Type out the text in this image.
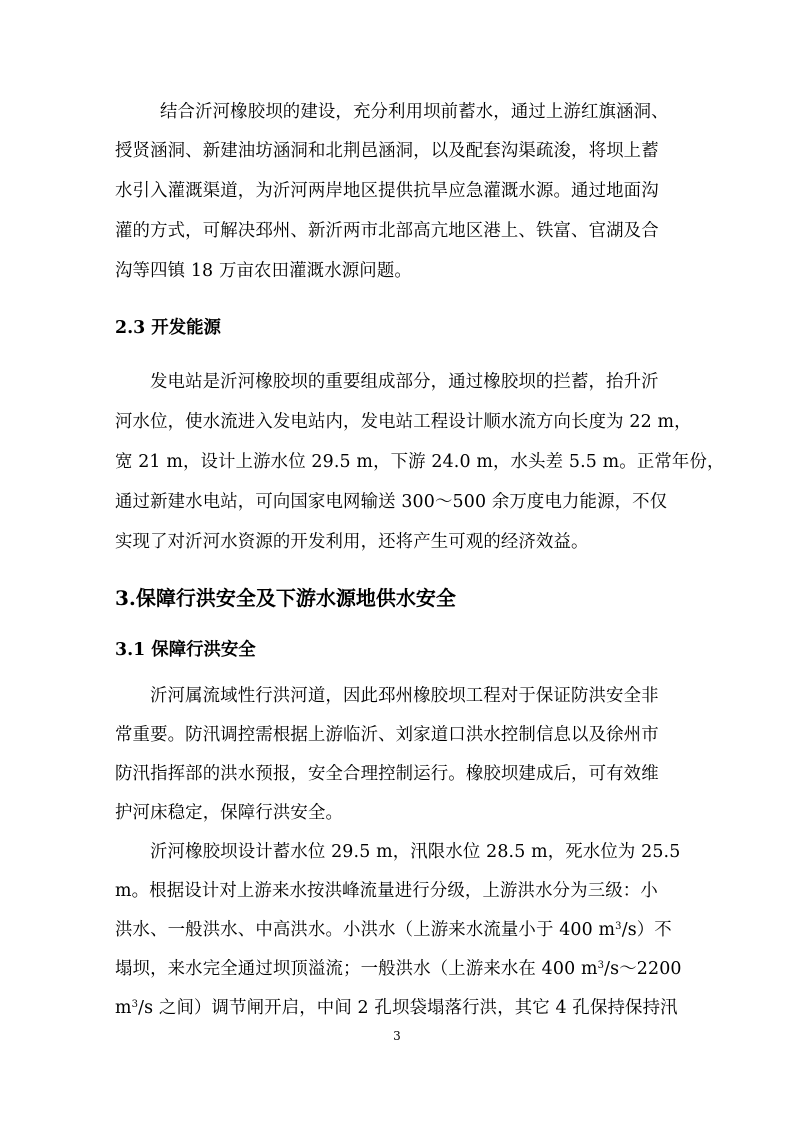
结合沂河橡胶坝的建设，充分利用坝前蓄水，通过上游红旗涵洞、
授贤涵洞、新建油坊涵洞和北荆邑涵洞，以及配套沟渠疏浚，将坝上蓄
水引入灌溉渠道，为沂河两岸地区提供抗旱应急灌溉水源。通过地面沟
灌的方式，可解决邳州、新沂两市北部高亢地区港上、铁富、官湖及合
沟等四镇 18 万亩农田灌溉水源问题。
2.3 开发能源
发电站是沂河橡胶坝的重要组成部分，通过橡胶坝的拦蓄，抬升沂
河水位，使水流进入发电站内，发电站工程设计顺水流方向长度为 22 m，
宽 21 m，设计上游水位 29.5 m，下游 24.0 m，水头差 5.5 m。正常年份，
通过新建水电站，可向国家电网输送 300～500 余万度电力能源，不仅
实现了对沂河水资源的开发利用，还将产生可观的经济效益。
3.保障行洪安全及下游水源地供水安全
3.1 保障行洪安全
沂河属流域性行洪河道，因此邳州橡胶坝工程对于保证防洪安全非
常重要。防汛调控需根据上游临沂、刘家道口洪水控制信息以及徐州市
防汛指挥部的洪水预报，安全合理控制运行。橡胶坝建成后，可有效维
护河床稳定，保障行洪安全。
沂河橡胶坝设计蓄水位 29.5 m，汛限水位 28.5 m，死水位为 25.5
m。根据设计对上游来水按洪峰流量进行分级，上游洪水分为三级：小
洪水、一般洪水、中高洪水。小洪水（上游来水流量小于 400 $m^3/s$）不
塌坝，来水完全通过坝顶溢流；一般洪水（上游来水在 400 $m^3/s\sim 2200$
$m^3/s$ 之间）调节闸开启，中间 2 孔坝袋塌落行洪，其它 4 孔保持保持汛
3
